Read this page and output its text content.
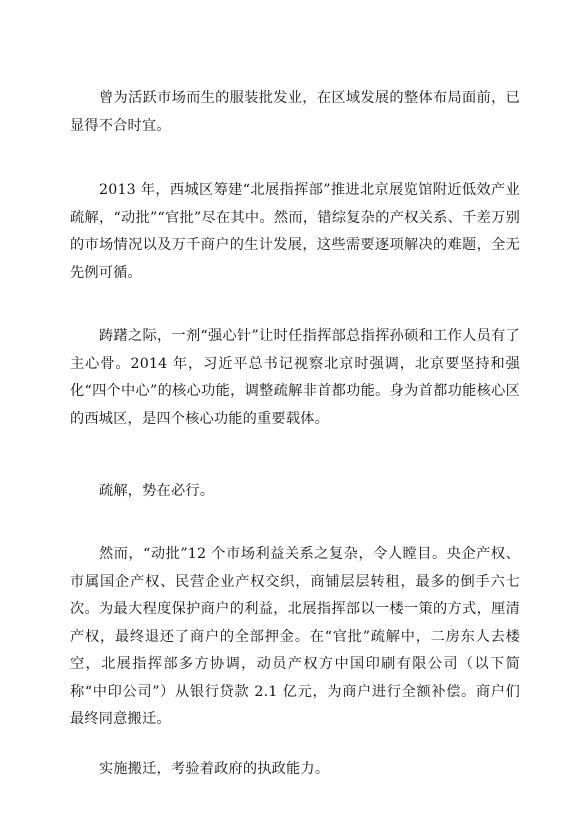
曾为活跃市场而生的服装批发业，在区域发展的整体布局面前，已显得不合时宜。

2013 年，西城区筹建“北展指挥部”推进北京展览馆附近低效产业疏解，“动批”“官批”尽在其中。然而，错综复杂的产权关系、千差万别的市场情况以及万千商户的生计发展，这些需要逐项解决的难题，全无先例可循。

踌躇之际，一剂“强心针”让时任指挥部总指挥孙硕和工作人员有了主心骨。2014 年，习近平总书记视察北京时强调，北京要坚持和强化“四个中心”的核心功能，调整疏解非首都功能。身为首都功能核心区的西城区，是四个核心功能的重要载体。

疏解，势在必行。

然而，“动批”12 个市场利益关系之复杂，令人瞠目。央企产权、市属国企产权、民营企业产权交织，商铺层层转租，最多的倒手六七次。为最大程度保护商户的利益，北展指挥部以一楼一策的方式，厘清产权，最终退还了商户的全部押金。在“官批”疏解中，二房东人去楼空，北展指挥部多方协调，动员产权方中国印刷有限公司（以下简称“中印公司”）从银行贷款 2.1 亿元，为商户进行全额补偿。商户们最终同意搬迁。

实施搬迁，考验着政府的执政能力。
